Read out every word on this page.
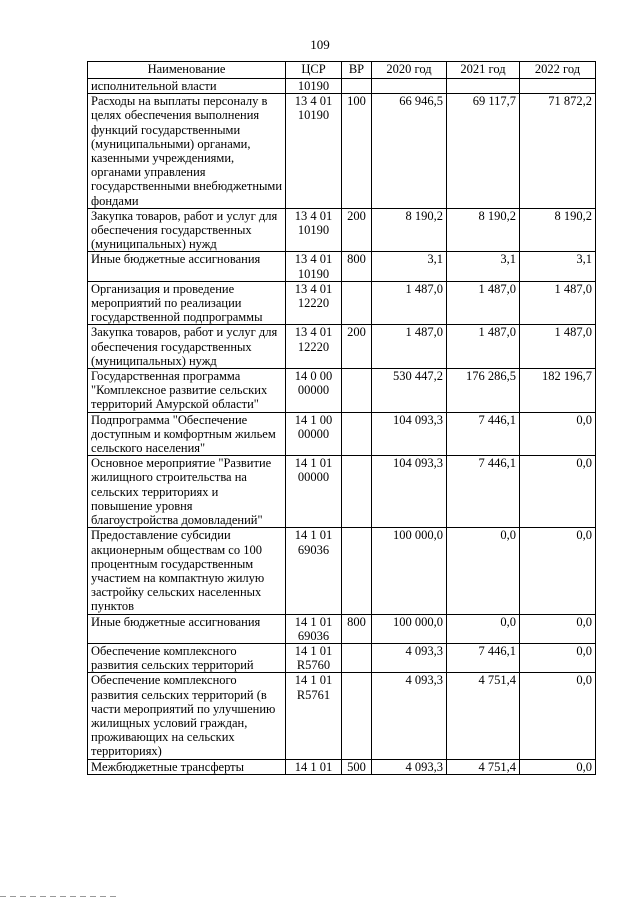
109
Наименование	ЦСР	ВР	2020 год	2021 год	2022 год
исполнительной власти	10190				
Расходы на выплаты персоналу в целях обеспечения выполнения функций государственными (муниципальными) органами, казенными учреждениями, органами управления государственными внебюджетными фондами	13 4 01 10190	100	66 946,5	69 117,7	71 872,2
Закупка товаров, работ и услуг для обеспечения государственных (муниципальных) нужд	13 4 01 10190	200	8 190,2	8 190,2	8 190,2
Иные бюджетные ассигнования	13 4 01 10190	800	3,1	3,1	3,1
Организация и проведение мероприятий по реализации государственной подпрограммы	13 4 01 12220		1 487,0	1 487,0	1 487,0
Закупка товаров, работ и услуг для обеспечения государственных (муниципальных) нужд	13 4 01 12220	200	1 487,0	1 487,0	1 487,0
Государственная программа "Комплексное развитие сельских территорий Амурской области"	14 0 00 00000		530 447,2	176 286,5	182 196,7
Подпрограмма "Обеспечение доступным и комфортным жильем сельского населения"	14 1 00 00000		104 093,3	7 446,1	0,0
Основное мероприятие "Развитие жилищного строительства на сельских территориях и повышение уровня благоустройства домовладений"	14 1 01 00000		104 093,3	7 446,1	0,0
Предоставление субсидии акционерным обществам со 100 процентным государственным участием на компактную жилую застройку сельских населенных пунктов	14 1 01 69036		100 000,0	0,0	0,0
Иные бюджетные ассигнования	14 1 01 69036	800	100 000,0	0,0	0,0
Обеспечение комплексного развития сельских территорий	14 1 01 R5760		4 093,3	7 446,1	0,0
Обеспечение комплексного развития сельских территорий (в части мероприятий по улучшению жилищных условий граждан, проживающих на сельских территориях)	14 1 01 R5761		4 093,3	4 751,4	0,0
Межбюджетные трансферты	14 1 01	500	4 093,3	4 751,4	0,0
